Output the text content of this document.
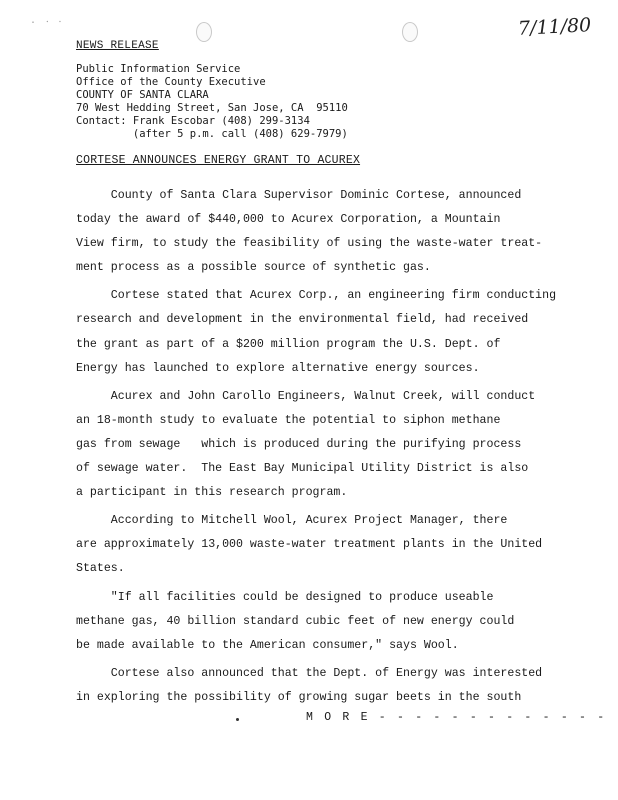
· ⸱ ⸱	7/11/80
NEWS RELEASE
Public Information Service
Office of the County Executive
COUNTY OF SANTA CLARA
70 West Hedding Street, San Jose, CA  95110
Contact: Frank Escobar (408) 299-3134
(after 5 p.m. call (408) 629-7979)
CORTESE ANNOUNCES ENERGY GRANT TO ACUREX
County of Santa Clara Supervisor Dominic Cortese, announced
today the award of $440,000 to Acurex Corporation, a Mountain
View firm, to study the feasibility of using the waste-water treat-
ment process as a possible source of synthetic gas.
Cortese stated that Acurex Corp., an engineering firm conducting
research and development in the environmental field, had received
the grant as part of a $200 million program the U.S. Dept. of
Energy has launched to explore alternative energy sources.
Acurex and John Carollo Engineers, Walnut Creek, will conduct
an 18-month study to evaluate the potential to siphon methane
gas from sewage   which is produced during the purifying process
of sewage water.  The East Bay Municipal Utility District is also
a participant in this research program.
According to Mitchell Wool, Acurex Project Manager, there
are approximately 13,000 waste-water treatment plants in the United
States.
"If all facilities could be designed to produce useable
methane gas, 40 billion standard cubic feet of new energy could
be made available to the American consumer," says Wool.
Cortese also announced that the Dept. of Energy was interested
in exploring the possibility of growing sugar beets in the south
M O R E - - - - - - - - - - - - -
